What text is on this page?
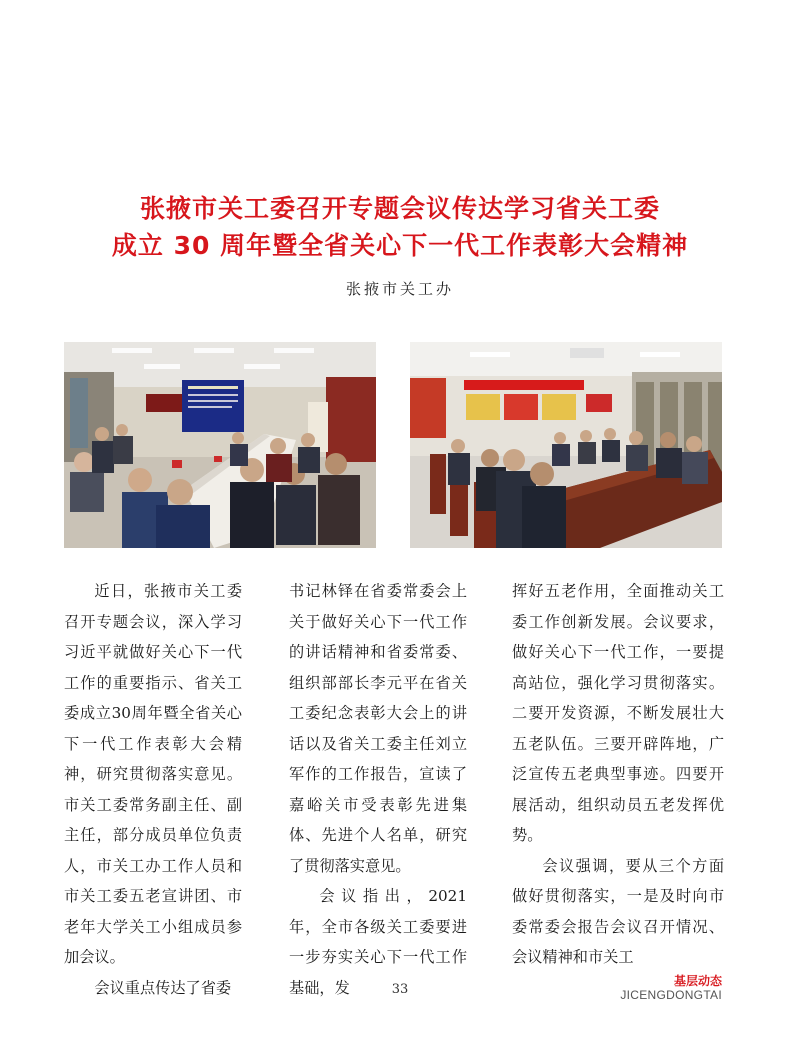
张掖市关工委召开专题会议传达学习省关工委
成立 30 周年暨全省关心下一代工作表彰大会精神
张掖市关工办

近日，张掖市关工委召开专题会议，深入学习习近平就做好关心下一代工作的重要指示、省关工委成立30周年暨全省关心下一代工作表彰大会精神，研究贯彻落实意见。市关工委常务副主任、副主任，部分成员单位负责人，市关工办工作人员和市关工委五老宣讲团、市老年大学关工小组成员参加会议。

会议重点传达了省委

书记林铎在省委常委会上关于做好关心下一代工作的讲话精神和省委常委、组织部部长李元平在省关工委纪念表彰大会上的讲话以及省关工委主任刘立军作的工作报告，宣读了嘉峪关市受表彰先进集体、先进个人名单，研究了贯彻落实意见。

会议指出，2021 年，全市各级关工委要进一步夯实关心下一代工作基础，发

挥好五老作用，全面推动关工委工作创新发展。会议要求，做好关心下一代工作，一要提高站位，强化学习贯彻落实。二要开发资源，不断发展壮大五老队伍。三要开辟阵地，广泛宣传五老典型事迹。四要开展活动，组织动员五老发挥优势。

会议强调，要从三个方面做好贯彻落实，一是及时向市委常委会报告会议召开情况、会议精神和市关工

33
基层动态
JICENGDONGTAI
